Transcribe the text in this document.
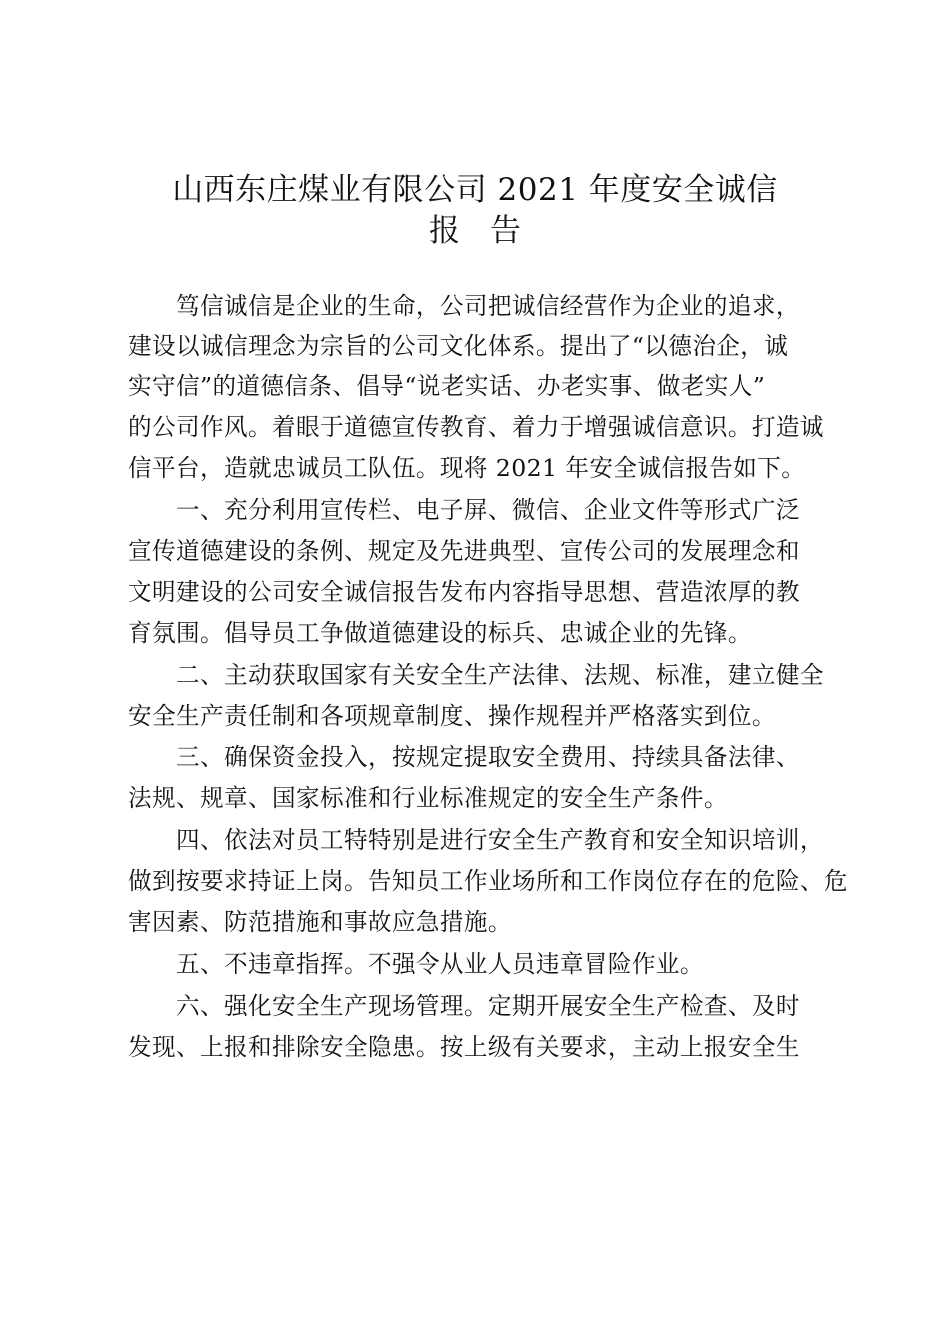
山西东庄煤业有限公司 2021 年度安全诚信
报 告
笃信诚信是企业的生命，公司把诚信经营作为企业的追求，
建设以诚信理念为宗旨的公司文化体系。提出了“以德治企，诚
实守信”的道德信条、倡导“说老实话、办老实事、做老实人”
的公司作风。着眼于道德宣传教育、着力于增强诚信意识。打造诚
信平台，造就忠诚员工队伍。现将 2021 年安全诚信报告如下。
一、充分利用宣传栏、电子屏、微信、企业文件等形式广泛
宣传道德建设的条例、规定及先进典型、宣传公司的发展理念和
文明建设的公司安全诚信报告发布内容指导思想、营造浓厚的教
育氛围。倡导员工争做道德建设的标兵、忠诚企业的先锋。
二、主动获取国家有关安全生产法律、法规、标准，建立健全
安全生产责任制和各项规章制度、操作规程并严格落实到位。
三、确保资金投入，按规定提取安全费用、持续具备法律、
法规、规章、国家标准和行业标准规定的安全生产条件。
四、依法对员工特特别是进行安全生产教育和安全知识培训，
做到按要求持证上岗。告知员工作业场所和工作岗位存在的危险、危
害因素、防范措施和事故应急措施。
五、不违章指挥。不强令从业人员违章冒险作业。
六、强化安全生产现场管理。定期开展安全生产检查、及时
发现、上报和排除安全隐患。按上级有关要求，主动上报安全生
